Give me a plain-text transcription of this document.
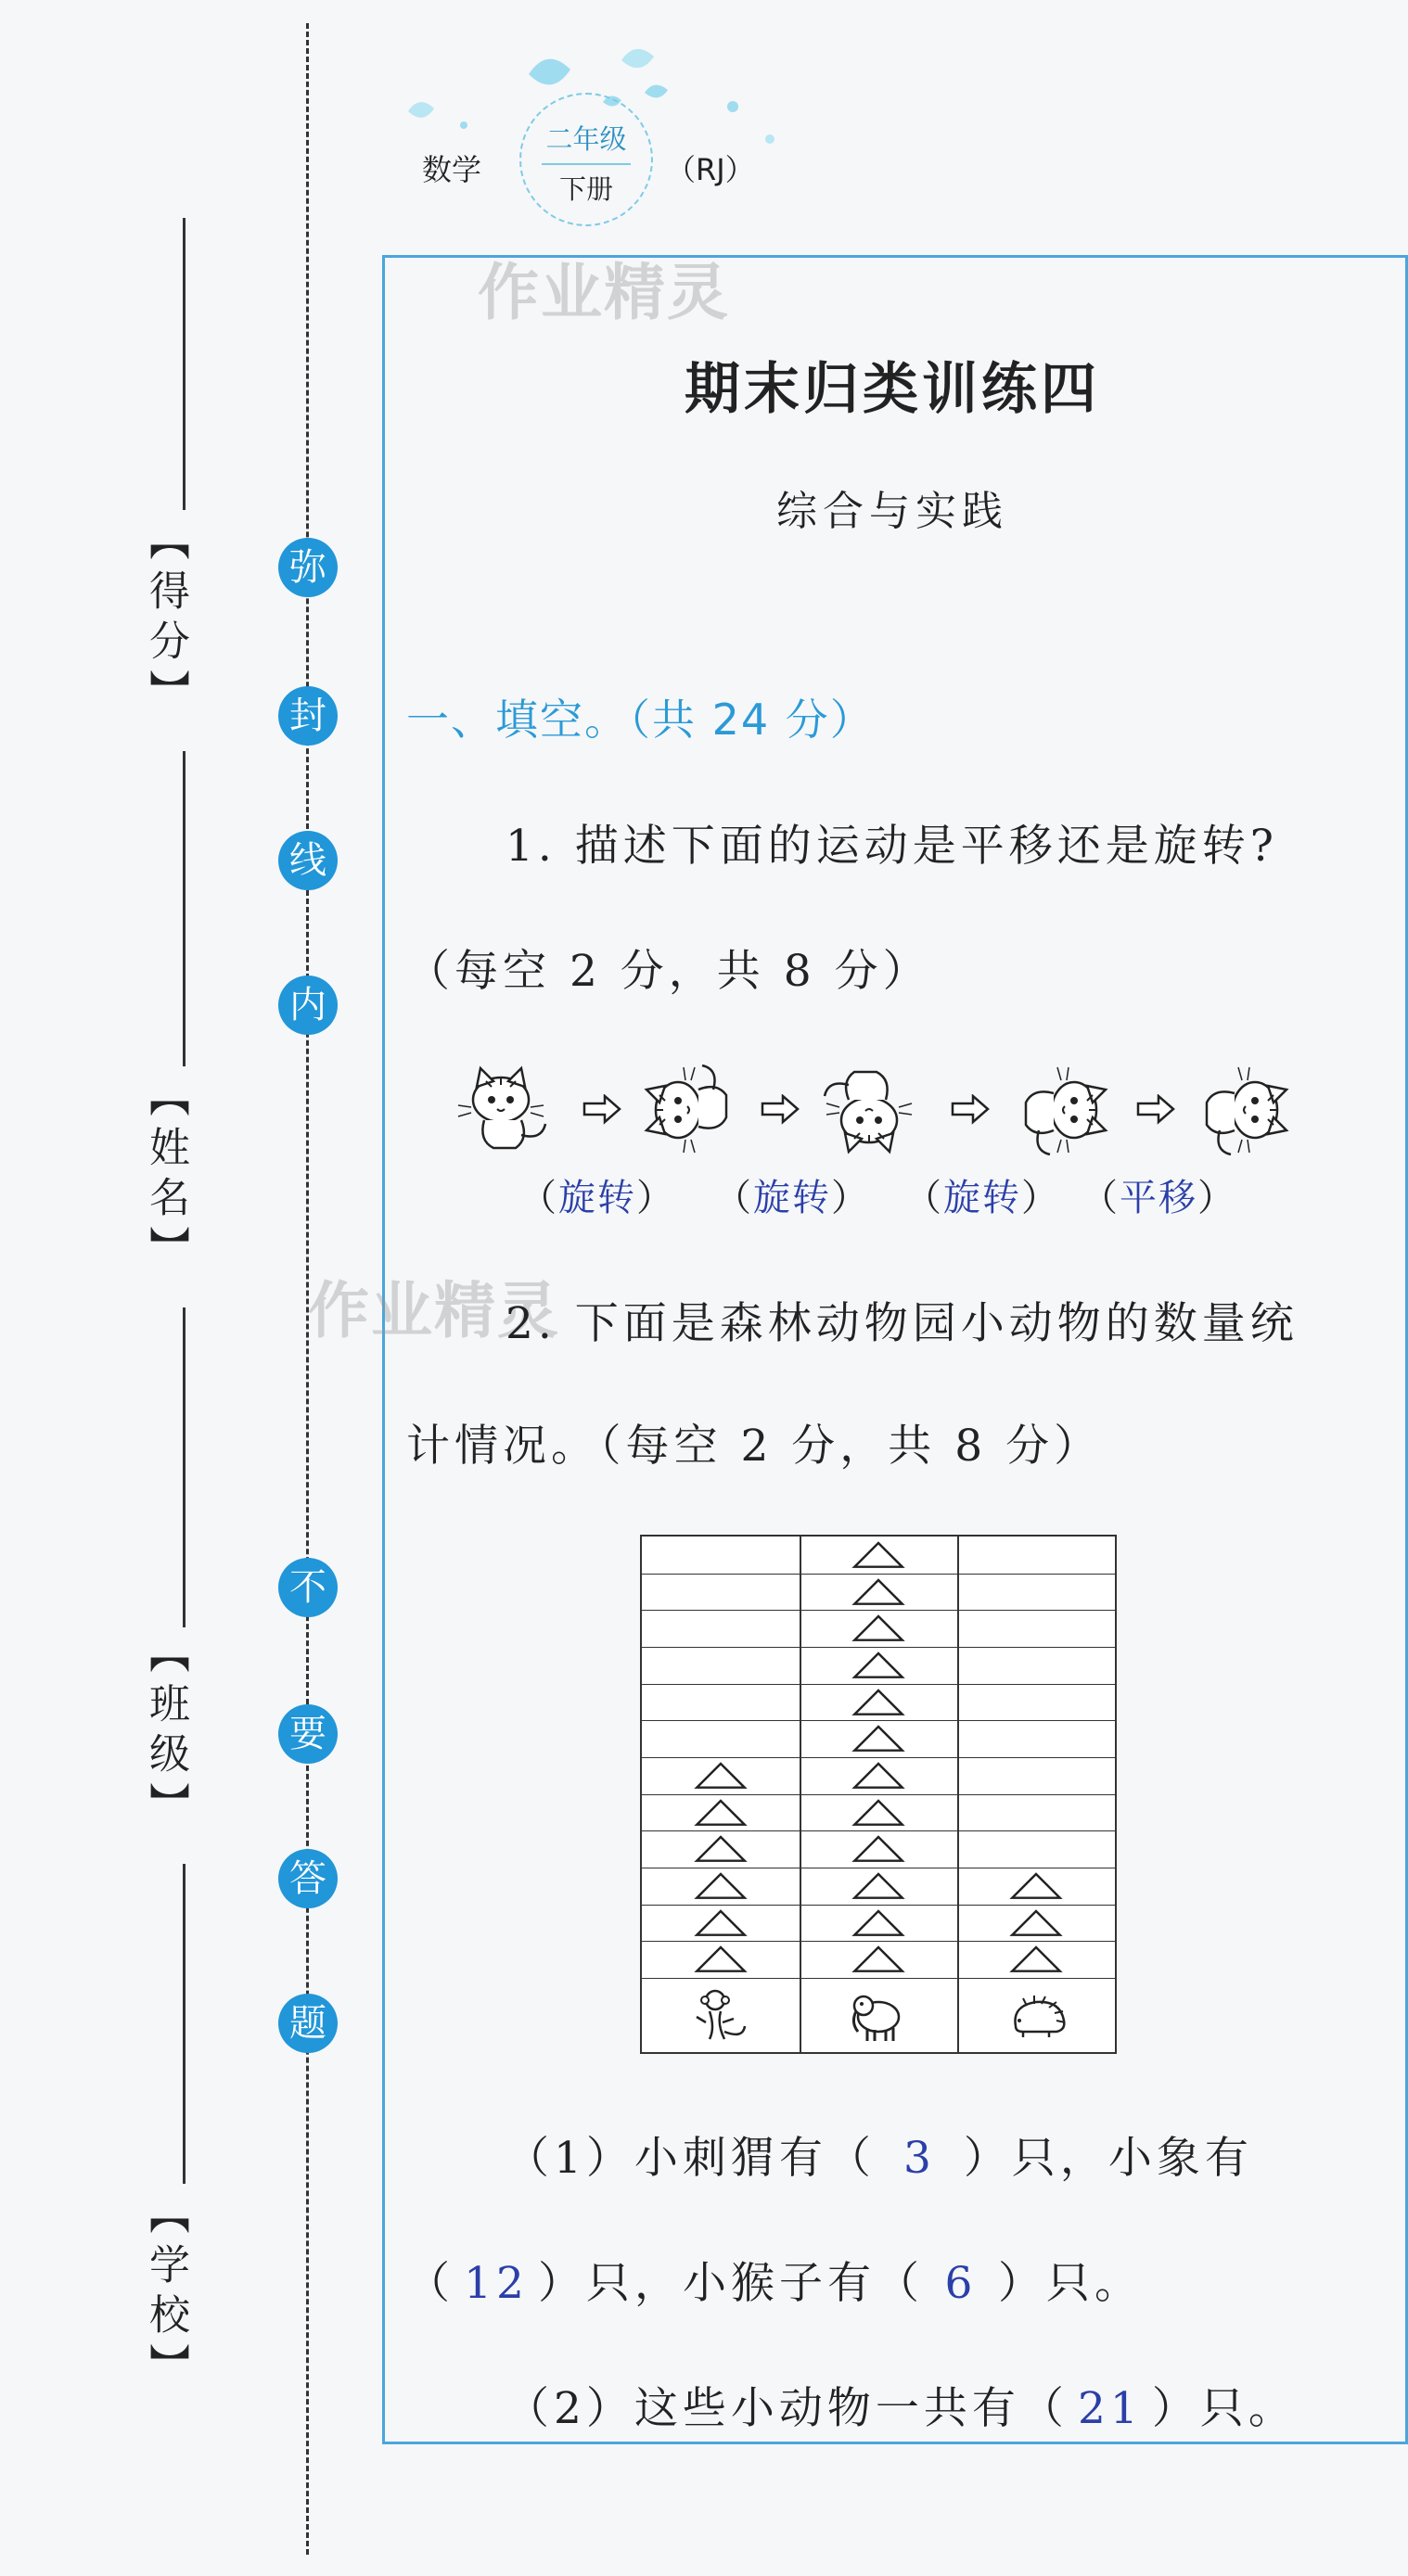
【得分】
【姓名】
【班级】
【学校】
弥
封
线
内
不
要
答
题
数学
二年级
下册
（RJ）
作业精灵
作业精灵
期末归类训练四
综合与实践
一、填空。（共 24 分）
1. 描述下面的运动是平移还是旋转?
（每空 2 分，共 8 分）
（旋转） （旋转） （旋转） （平移）
2. 下面是森林动物园小动物的数量统
计情况。（每空 2 分，共 8 分）
（1）小刺猬有（ 3 ）只，小象有
（ 12 ）只，小猴子有（ 6 ）只。
（2）这些小动物一共有（ 21 ）只。
